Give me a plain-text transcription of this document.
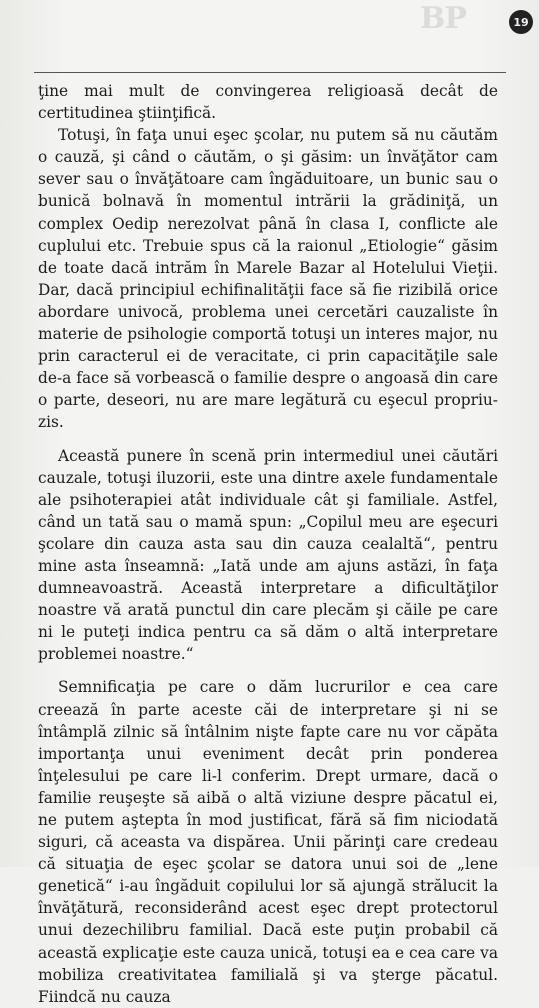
BP	19

ţine mai mult de convingerea religioasă decât de certitudinea ştiinţifică.

Totuşi, în faţa unui eşec şcolar, nu putem să nu căutăm o cauză, şi când o căutăm, o şi găsim: un învăţător cam sever sau o învăţătoare cam îngăduitoare, un bunic sau o bunică bolnavă în momentul intrării la grădiniţă, un complex Oedip nerezolvat până în clasa I, conflicte ale cuplului etc. Trebuie spus că la raionul „Etiologie“ găsim de toate dacă intrăm în Marele Bazar al Hotelului Vieţii. Dar, dacă principiul echifinalităţii face să fie rizibilă orice abordare univocă, problema unei cercetări cauzaliste în materie de psihologie comportă totuşi un interes major, nu prin caracterul ei de veracitate, ci prin capacităţile sale de-a face să vorbească o familie despre o angoasă din care o parte, deseori, nu are mare legătură cu eşecul propriu-zis.

Această punere în scenă prin intermediul unei căutări cauzale, totuşi iluzorii, este una dintre axele fundamentale ale psihoterapiei atât individuale cât şi familiale. Astfel, când un tată sau o mamă spun: „Copilul meu are eşecuri şcolare din cauza asta sau din cauza cealaltă“, pentru mine asta înseamnă: „Iată unde am ajuns astăzi, în faţa dumneavoastră. Această interpretare a dificultăţilor noastre vă arată punctul din care plecăm şi căile pe care ni le puteţi indica pentru ca să dăm o altă interpretare problemei noastre.“

Semnificaţia pe care o dăm lucrurilor e cea care creează în parte aceste căi de interpretare şi ni se întâmplă zilnic să întâlnim nişte fapte care nu vor căpăta importanţa unui eveniment decât prin ponderea înţelesului pe care li-l conferim. Drept urmare, dacă o familie reuşeşte să aibă o altă viziune despre păcatul ei, ne putem aştepta în mod justificat, fără să fim niciodată siguri, că aceasta va dispărea. Unii părinţi care credeau că situaţia de eşec şcolar se datora unui soi de „lene genetică“ i-au îngăduit copilului lor să ajungă strălucit la învăţătură, reconsiderând acest eşec drept protectorul unui dezechilibru familial. Dacă este puţin probabil că această explicaţie este cauza unică, totuşi ea e cea care va mobiliza creativitatea familială şi va şterge păcatul. Fiindcă nu cauza
